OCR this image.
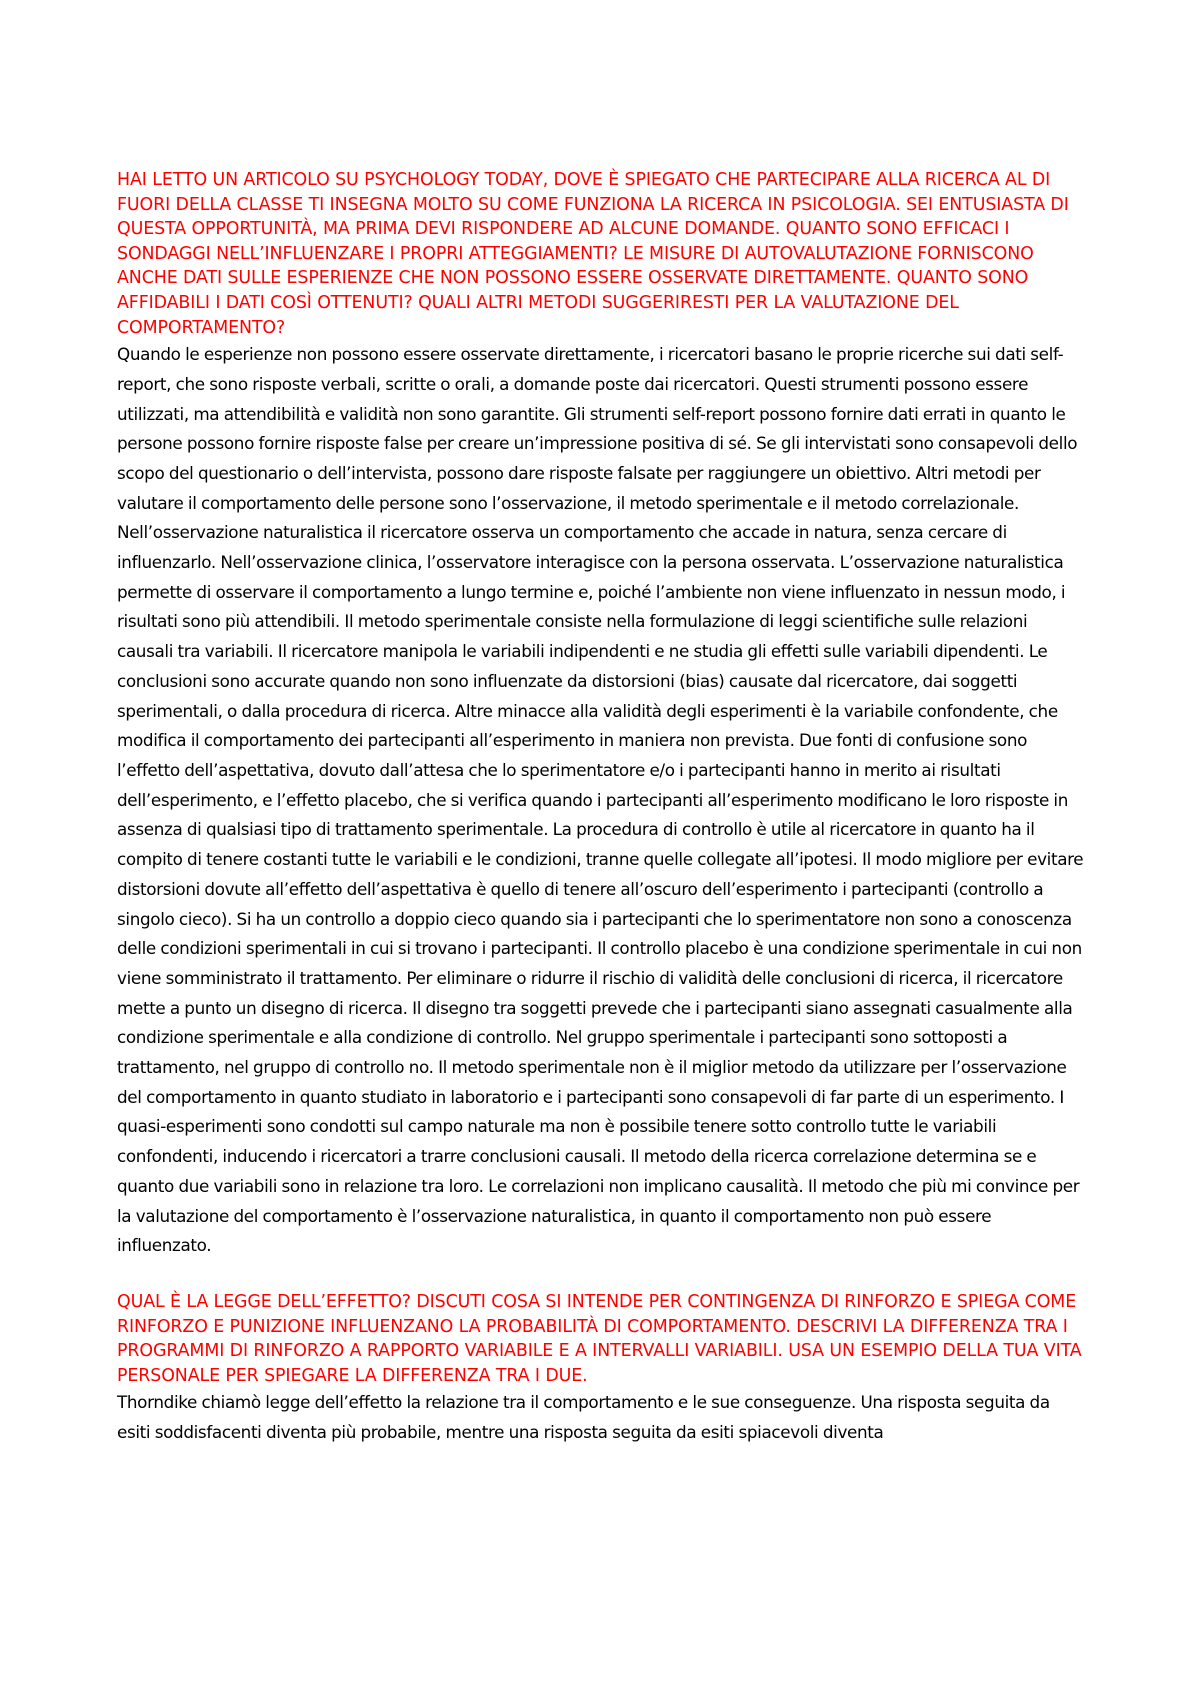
HAI LETTO UN ARTICOLO SU PSYCHOLOGY TODAY, DOVE È SPIEGATO CHE PARTECIPARE ALLA RICERCA AL DI FUORI DELLA CLASSE TI INSEGNA MOLTO SU COME FUNZIONA LA RICERCA IN PSICOLOGIA. SEI ENTUSIASTA DI QUESTA OPPORTUNITÀ, MA PRIMA DEVI RISPONDERE AD ALCUNE DOMANDE. QUANTO SONO EFFICACI I SONDAGGI NELL’INFLUENZARE I PROPRI ATTEGGIAMENTI? LE MISURE DI AUTOVALUTAZIONE FORNISCONO ANCHE DATI SULLE ESPERIENZE CHE NON POSSONO ESSERE OSSERVATE DIRETTAMENTE. QUANTO SONO AFFIDABILI I DATI COSÌ OTTENUTI? QUALI ALTRI METODI SUGGERIRESTI PER LA VALUTAZIONE DEL COMPORTAMENTO?

Quando le esperienze non possono essere osservate direttamente, i ricercatori basano le proprie ricerche sui dati self-report, che sono risposte verbali, scritte o orali, a domande poste dai ricercatori. Questi strumenti possono essere utilizzati, ma attendibilità e validità non sono garantite. Gli strumenti self-report possono fornire dati errati in quanto le persone possono fornire risposte false per creare un’impressione positiva di sé. Se gli intervistati sono consapevoli dello scopo del questionario o dell’intervista, possono dare risposte falsate per raggiungere un obiettivo. Altri metodi per valutare il comportamento delle persone sono l’osservazione, il metodo sperimentale e il metodo correlazionale. Nell’osservazione naturalistica il ricercatore osserva un comportamento che accade in natura, senza cercare di influenzarlo. Nell’osservazione clinica, l’osservatore interagisce con la persona osservata. L’osservazione naturalistica permette di osservare il comportamento a lungo termine e, poiché l’ambiente non viene influenzato in nessun modo, i risultati sono più attendibili. Il metodo sperimentale consiste nella formulazione di leggi scientifiche sulle relazioni causali tra variabili. Il ricercatore manipola le variabili indipendenti e ne studia gli effetti sulle variabili dipendenti. Le conclusioni sono accurate quando non sono influenzate da distorsioni (bias) causate dal ricercatore, dai soggetti sperimentali, o dalla procedura di ricerca. Altre minacce alla validità degli esperimenti è la variabile confondente, che modifica il comportamento dei partecipanti all’esperimento in maniera non prevista. Due fonti di confusione sono l’effetto dell’aspettativa, dovuto dall’attesa che lo sperimentatore e/o i partecipanti hanno in merito ai risultati dell’esperimento, e l’effetto placebo, che si verifica quando i partecipanti all’esperimento modificano le loro risposte in assenza di qualsiasi tipo di trattamento sperimentale. La procedura di controllo è utile al ricercatore in quanto ha il compito di tenere costanti tutte le variabili e le condizioni, tranne quelle collegate all’ipotesi. Il modo migliore per evitare distorsioni dovute all’effetto dell’aspettativa è quello di tenere all’oscuro dell’esperimento i partecipanti (controllo a singolo cieco). Si ha un controllo a doppio cieco quando sia i partecipanti che lo sperimentatore non sono a conoscenza delle condizioni sperimentali in cui si trovano i partecipanti. Il controllo placebo è una condizione sperimentale in cui non viene somministrato il trattamento. Per eliminare o ridurre il rischio di validità delle conclusioni di ricerca, il ricercatore mette a punto un disegno di ricerca. Il disegno tra soggetti prevede che i partecipanti siano assegnati casualmente alla condizione sperimentale e alla condizione di controllo. Nel gruppo sperimentale i partecipanti sono sottoposti a trattamento, nel gruppo di controllo no. Il metodo sperimentale non è il miglior metodo da utilizzare per l’osservazione del comportamento in quanto studiato in laboratorio e i partecipanti sono consapevoli di far parte di un esperimento. I quasi-esperimenti sono condotti sul campo naturale ma non è possibile tenere sotto controllo tutte le variabili confondenti, inducendo i ricercatori a trarre conclusioni causali. Il metodo della ricerca correlazione determina se e quanto due variabili sono in relazione tra loro. Le correlazioni non implicano causalità. Il metodo che più mi convince per la valutazione del comportamento è l’osservazione naturalistica, in quanto il comportamento non può essere influenzato.

QUAL È LA LEGGE DELL’EFFETTO? DISCUTI COSA SI INTENDE PER CONTINGENZA DI RINFORZO E SPIEGA COME RINFORZO E PUNIZIONE INFLUENZANO LA PROBABILITÀ DI COMPORTAMENTO. DESCRIVI LA DIFFERENZA TRA I PROGRAMMI DI RINFORZO A RAPPORTO VARIABILE E A INTERVALLI VARIABILI. USA UN ESEMPIO DELLA TUA VITA PERSONALE PER SPIEGARE LA DIFFERENZA TRA I DUE.

Thorndike chiamò legge dell’effetto la relazione tra il comportamento e le sue conseguenze. Una risposta seguita da esiti soddisfacenti diventa più probabile, mentre una risposta seguita da esiti spiacevoli diventa
